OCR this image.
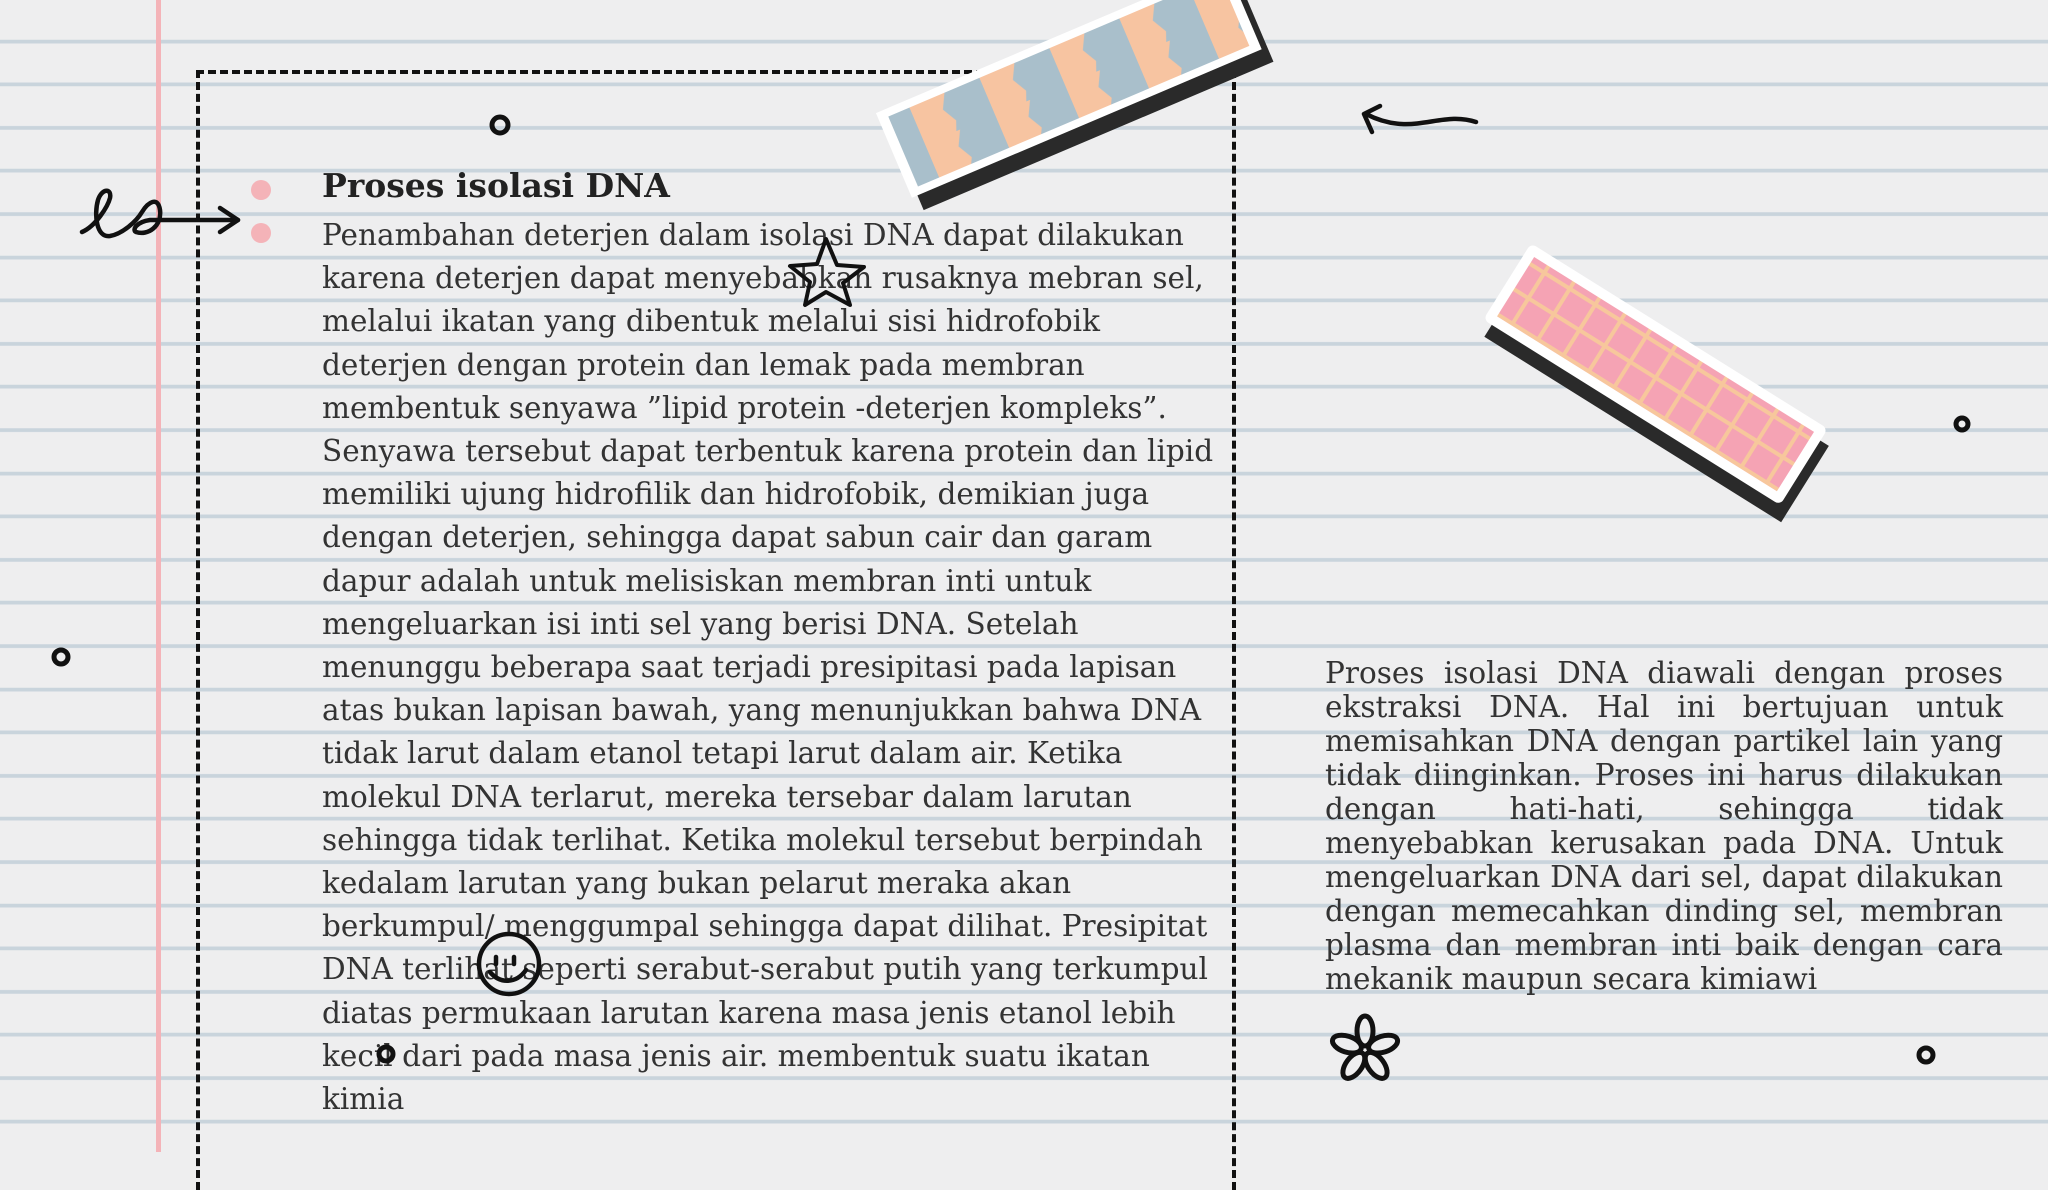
Proses isolasi DNA

Penambahan deterjen dalam isolasi DNA dapat dilakukan karena deterjen dapat menyebabkan rusaknya mebran sel, melalui ikatan yang dibentuk melalui sisi hidrofobik deterjen dengan protein dan lemak pada membran membentuk senyawa ”lipid protein -deterjen kompleks”. Senyawa tersebut dapat terbentuk karena protein dan lipid memiliki ujung hidrofilik dan hidrofobik, demikian juga dengan deterjen, sehingga dapat sabun cair dan garam dapur adalah untuk melisiskan membran inti untuk mengeluarkan isi inti sel yang berisi DNA. Setelah menunggu beberapa saat terjadi presipitasi pada lapisan atas bukan lapisan bawah, yang menunjukkan bahwa DNA tidak larut dalam etanol tetapi larut dalam air. Ketika molekul DNA terlarut, mereka tersebar dalam larutan sehingga tidak terlihat. Ketika molekul tersebut berpindah kedalam larutan yang bukan pelarut meraka akan berkumpul/ menggumpal sehingga dapat dilihat. Presipitat DNA terlihat seperti serabut-serabut putih yang terkumpul diatas permukaan larutan karena masa jenis etanol lebih kecil dari pada masa jenis air. membentuk suatu ikatan kimia

Proses isolasi DNA diawali dengan proses ekstraksi DNA. Hal ini bertujuan untuk memisahkan DNA dengan partikel lain yang tidak diinginkan. Proses ini harus dilakukan dengan hati-hati, sehingga tidak menyebabkan kerusakan pada DNA. Untuk mengeluarkan DNA dari sel, dapat dilakukan dengan memecahkan dinding sel, membran plasma dan membran inti baik dengan cara mekanik maupun secara kimiawi
